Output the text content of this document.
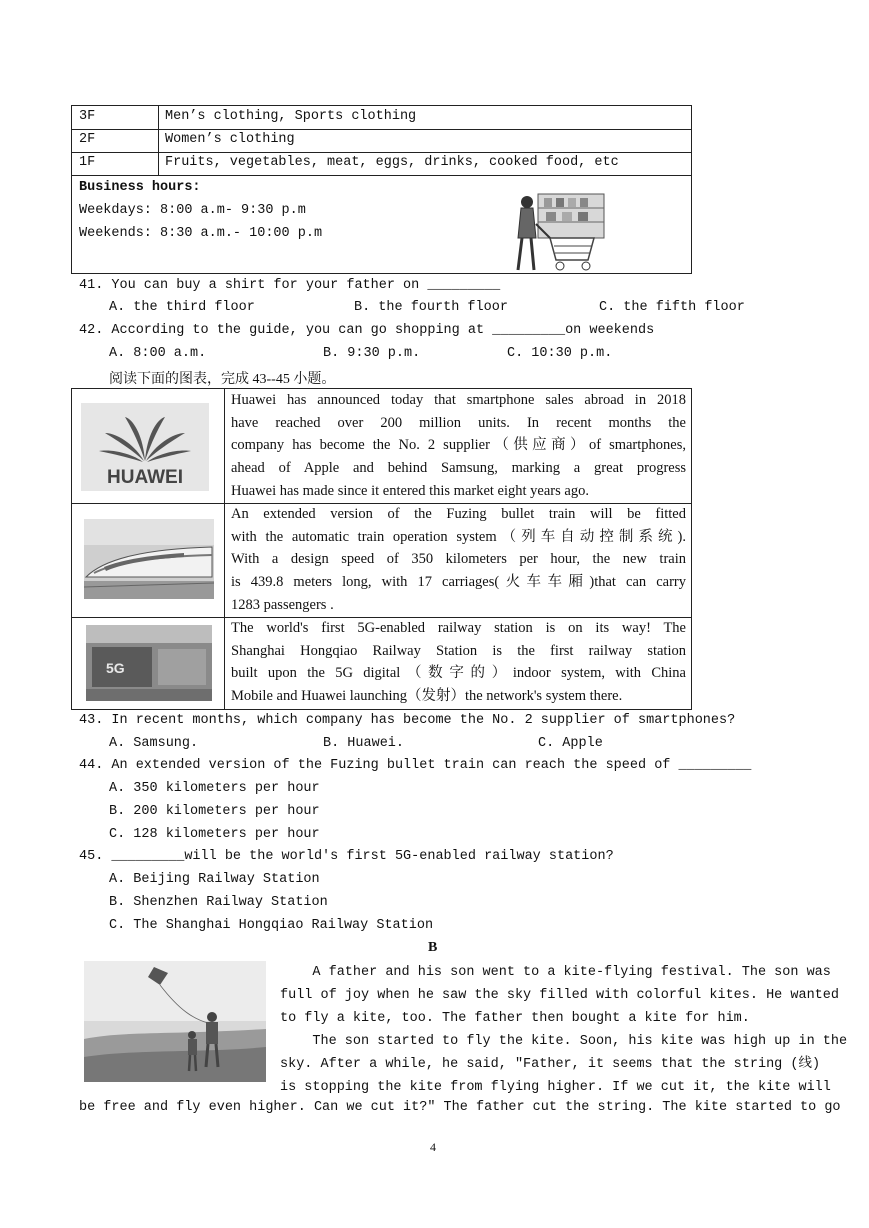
3F	Men’s clothing, Sports clothing
2F	Women’s clothing
1F	Fruits, vegetables, meat, eggs, drinks, cooked food, etc
Business hours:
Weekdays: 8:00 a.m- 9:30 p.m
Weekends: 8:30 a.m.- 10:00 p.m
41. You can buy a shirt for your father on _________
A. the third floor	B. the fourth floor	C. the fifth floor
42. According to the guide, you can go shopping at _________on weekends
A. 8:00 a.m.	B. 9:30 p.m.	C. 10:30 p.m.
阅读下面的图表，完成 43--45 小题。
HUAWEI
Huawei has announced today that smartphone sales abroad in 2018
have reached over 200 million units. In recent months the
company has become the No. 2 supplier（供应商）of smartphones,
ahead of Apple and behind Samsung, marking a great progress
Huawei has made since it entered this market eight years ago.
An extended version of the Fuzing bullet train will be fitted
with the automatic train operation system（列车自动控制系统).
With a design speed of 350 kilometers per hour, the new train
is 439.8 meters long, with 17 carriages(火车车厢)that can carry
1283 passengers .
5G
The world's first 5G-enabled railway station is on its way! The
Shanghai Hongqiao Railway Station is the first railway station
built upon the 5G digital（数字的）indoor system, with China
Mobile and Huawei launching（发射）the network's system there.
43. In recent months, which company has become the No. 2 supplier of smartphones?
A. Samsung.	B. Huawei.	C. Apple
44. An extended version of the Fuzing bullet train can reach the speed of _________
A. 350 kilometers per hour
B. 200 kilometers per hour
C. 128 kilometers per hour
45. _________will be the world's first 5G-enabled railway station?
A. Beijing Railway Station
B. Shenzhen Railway Station
C. The Shanghai Hongqiao Railway Station
B
A father and his son went to a kite-flying festival. The son was
full of joy when he saw the sky filled with colorful kites. He wanted
to fly a kite, too. The father then bought a kite for him.
The son started to fly the kite. Soon, his kite was high up in the
sky. After a while, he said, "Father, it seems that the string (线)
is stopping the kite from flying higher. If we cut it, the kite will
be free and fly even higher. Can we cut it?" The father cut the string. The kite started to go
4
